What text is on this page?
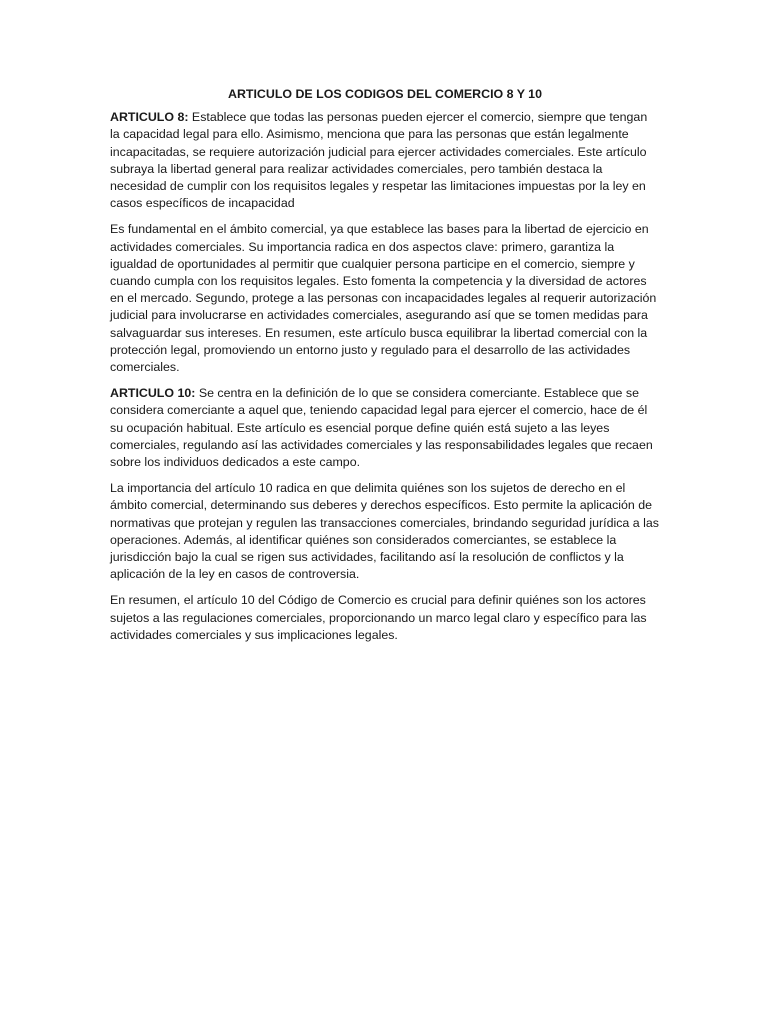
ARTICULO DE LOS CODIGOS DEL COMERCIO 8 Y 10

ARTICULO 8: Establece que todas las personas pueden ejercer el comercio, siempre que tengan la capacidad legal para ello. Asimismo, menciona que para las personas que están legalmente incapacitadas, se requiere autorización judicial para ejercer actividades comerciales. Este artículo subraya la libertad general para realizar actividades comerciales, pero también destaca la necesidad de cumplir con los requisitos legales y respetar las limitaciones impuestas por la ley en casos específicos de incapacidad

Es fundamental en el ámbito comercial, ya que establece las bases para la libertad de ejercicio en actividades comerciales. Su importancia radica en dos aspectos clave: primero, garantiza la igualdad de oportunidades al permitir que cualquier persona participe en el comercio, siempre y cuando cumpla con los requisitos legales. Esto fomenta la competencia y la diversidad de actores en el mercado. Segundo, protege a las personas con incapacidades legales al requerir autorización judicial para involucrarse en actividades comerciales, asegurando así que se tomen medidas para salvaguardar sus intereses. En resumen, este artículo busca equilibrar la libertad comercial con la protección legal, promoviendo un entorno justo y regulado para el desarrollo de las actividades comerciales.

ARTICULO 10: Se centra en la definición de lo que se considera comerciante. Establece que se considera comerciante a aquel que, teniendo capacidad legal para ejercer el comercio, hace de él su ocupación habitual. Este artículo es esencial porque define quién está sujeto a las leyes comerciales, regulando así las actividades comerciales y las responsabilidades legales que recaen sobre los individuos dedicados a este campo.

La importancia del artículo 10 radica en que delimita quiénes son los sujetos de derecho en el ámbito comercial, determinando sus deberes y derechos específicos. Esto permite la aplicación de normativas que protejan y regulen las transacciones comerciales, brindando seguridad jurídica a las operaciones. Además, al identificar quiénes son considerados comerciantes, se establece la jurisdicción bajo la cual se rigen sus actividades, facilitando así la resolución de conflictos y la aplicación de la ley en casos de controversia.

En resumen, el artículo 10 del Código de Comercio es crucial para definir quiénes son los actores sujetos a las regulaciones comerciales, proporcionando un marco legal claro y específico para las actividades comerciales y sus implicaciones legales.
